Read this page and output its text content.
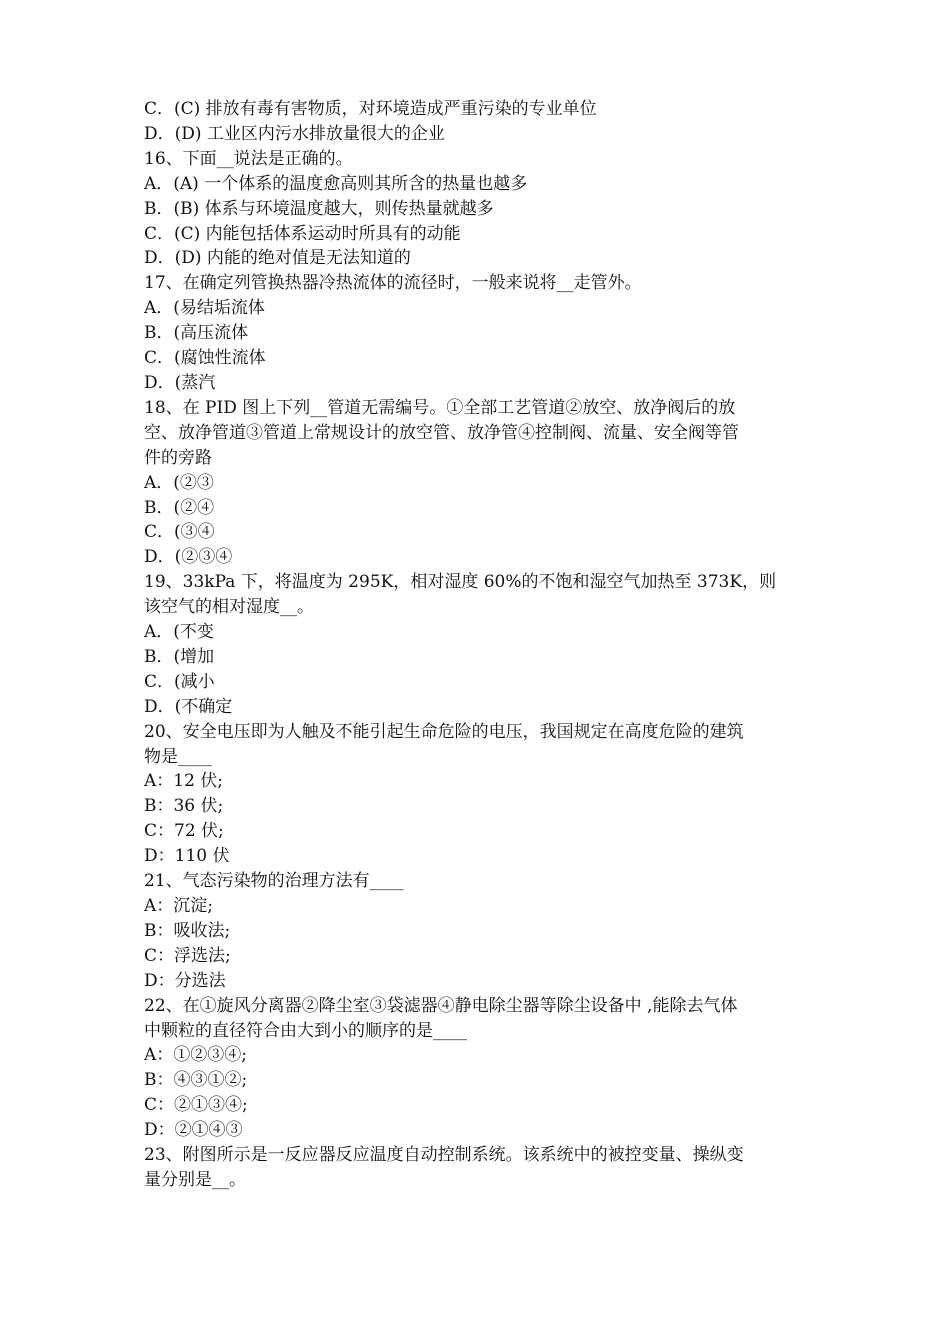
C．(C) 排放有毒有害物质，对环境造成严重污染的专业单位
D．(D) 工业区内污水排放量很大的企业
16、下面__说法是正确的。
A．(A) 一个体系的温度愈高则其所含的热量也越多
B．(B) 体系与环境温度越大，则传热量就越多
C．(C) 内能包括体系运动时所具有的动能
D．(D) 内能的绝对值是无法知道的
17、在确定列管换热器冷热流体的流径时，一般来说将__走管外。
A．(易结垢流体
B．(高压流体
C．(腐蚀性流体
D．(蒸汽
18、在 PID 图上下列__管道无需编号。①全部工艺管道②放空、放净阀后的放
空、放净管道③管道上常规设计的放空管、放净管④控制阀、流量、安全阀等管
件的旁路
A．(②③
B．(②④
C．(③④
D．(②③④
19、33kPa 下，将温度为 295K，相对湿度 60%的不饱和湿空气加热至 373K，则
该空气的相对湿度__。
A．(不变
B．(增加
C．(减小
D．(不确定
20、安全电压即为人触及不能引起生命危险的电压，我国规定在高度危险的建筑
物是____
A：12 伏;
B：36 伏;
C：72 伏;
D：110 伏
21、气态污染物的治理方法有____
A：沉淀;
B：吸收法;
C：浮选法;
D：分选法
22、在①旋风分离器②降尘室③袋滤器④静电除尘器等除尘设备中 ,能除去气体
中颗粒的直径符合由大到小的顺序的是____
A：①②③④;
B：④③①②;
C：②①③④;
D：②①④③
23、附图所示是一反应器反应温度自动控制系统。该系统中的被控变量、操纵变
量分别是__。
